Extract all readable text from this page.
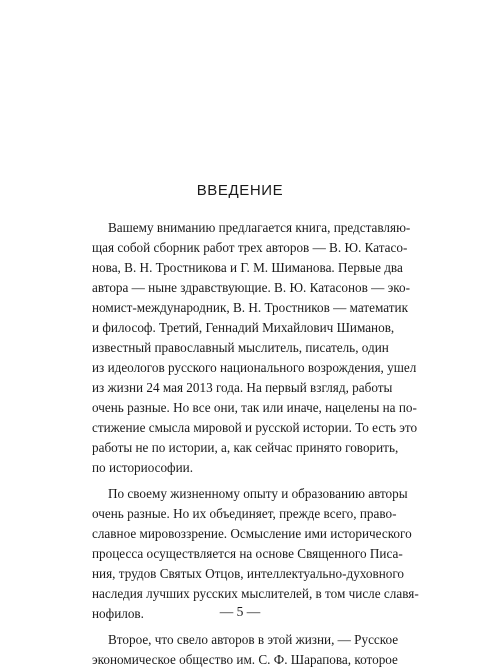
ВВЕДЕНИЕ
Вашему вниманию предлагается книга, представляю-
щая собой сборник работ трех авторов — В. Ю. Катасо-
нова, В. Н. Тростникова и Г. М. Шиманова. Первые два
автора — ныне здравствующие. В. Ю. Катасонов — эко-
номист-международник, В. Н. Тростников — математик
и философ. Третий, Геннадий Михайлович Шиманов,
известный православный мыслитель, писатель, один
из идеологов русского национального возрождения, ушел
из жизни 24 мая 2013 года. На первый взгляд, работы
очень разные. Но все они, так или иначе, нацелены на по-
стижение смысла мировой и русской истории. То есть это
работы не по истории, а, как сейчас принято говорить,
по историософии.
По своему жизненному опыту и образованию авторы
очень разные. Но их объединяет, прежде всего, право-
славное мировоззрение. Осмысление ими исторического
процесса осуществляется на основе Священного Писа-
ния, трудов Святых Отцов, интеллектуально-духовного
наследия лучших русских мыслителей, в том числе славя-
нофилов.
Второе, что свело авторов в этой жизни, — Русское
экономическое общество им. С. Ф. Шарапова, которое
— 5 —
